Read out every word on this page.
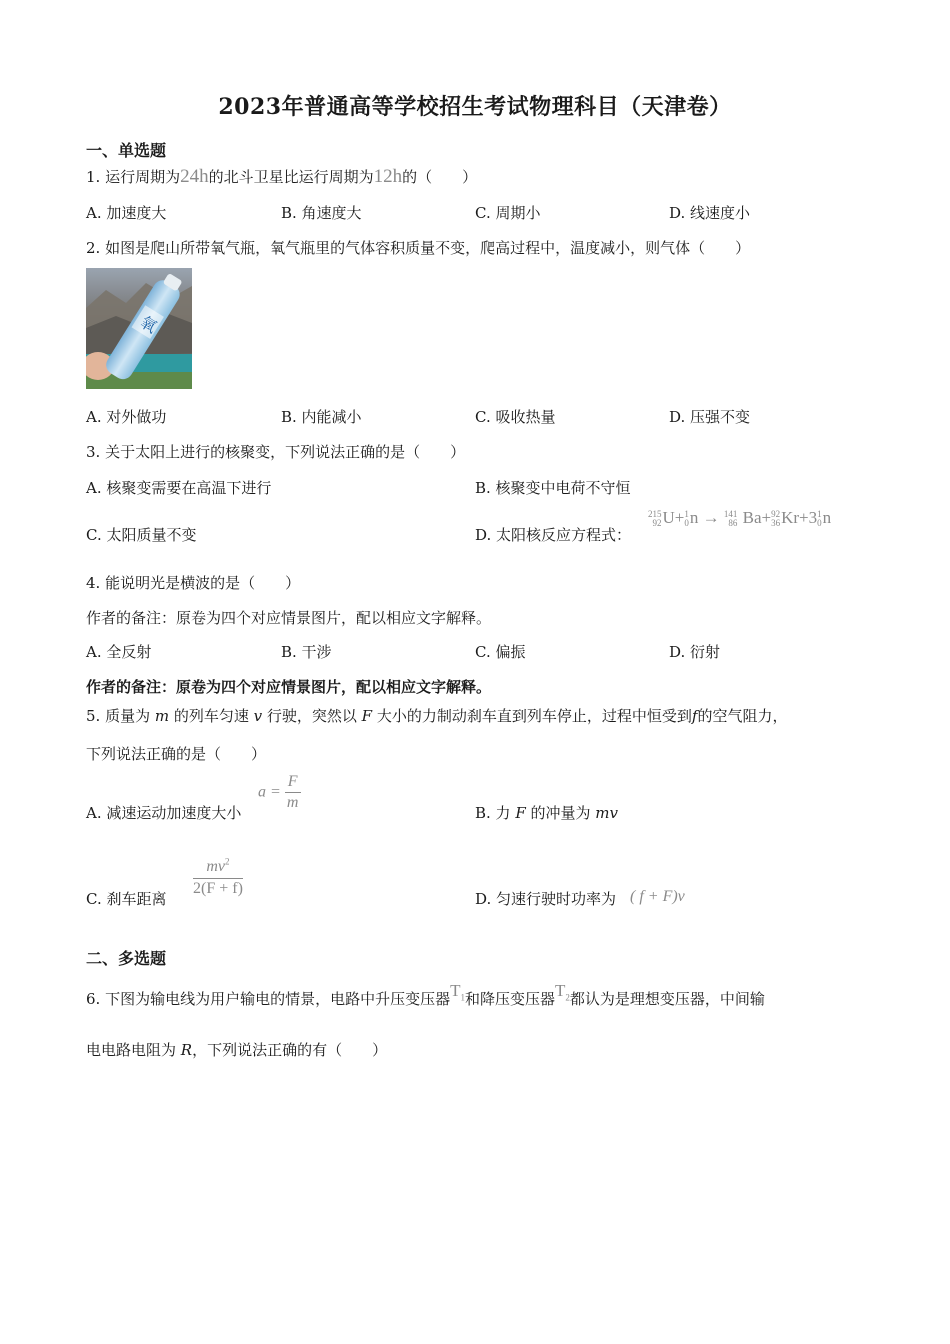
2023年普通高等学校招生考试物理科目（天津卷）
一、单选题
1. 运行周期为24h的北斗卫星比运行周期为12h的（　　）
A. 加速度大	B. 角速度大	C. 周期小	D. 线速度小
2. 如图是爬山所带氧气瓶，氧气瓶里的气体容积质量不变，爬高过程中，温度减小，则气体（　　）
氧
A. 对外做功	B. 内能减小	C. 吸收热量	D. 压强不变
3. 关于太阳上进行的核聚变，下列说法正确的是（　　）
A. 核聚变需要在高温下进行	B. 核聚变中电荷不守恒
C. 太阳质量不变	D. 太阳核反应方程式：
215
92U+1
0n → 141
86 Ba+92
36Kr+31
0n
4. 能说明光是横波的是（　　）
作者的备注：原卷为四个对应情景图片，配以相应文字解释。
A. 全反射	B. 干涉	C. 偏振	D. 衍射
作者的备注：原卷为四个对应情景图片，配以相应文字解释。
5. 质量为 m 的列车匀速 v 行驶，突然以 F 大小的力制动刹车直到列车停止，过程中恒受到f的空气阻力，
下列说法正确的是（　　）
A. 减速运动加速度大小
$a = \frac{F}{m}$
B. 力 F 的冲量为 mv
C. 刹车距离
$\frac{mv^2}{2(F + f)}$
D. 匀速行驶时功率为 ( f + F)v
二、多选题
6. 下图为输电线为用户输电的情景，电路中升压变压器$T_1$和降压变压器$T_2$都认为是理想变压器，中间输
电电路电阻为 R，下列说法正确的有（　　）
